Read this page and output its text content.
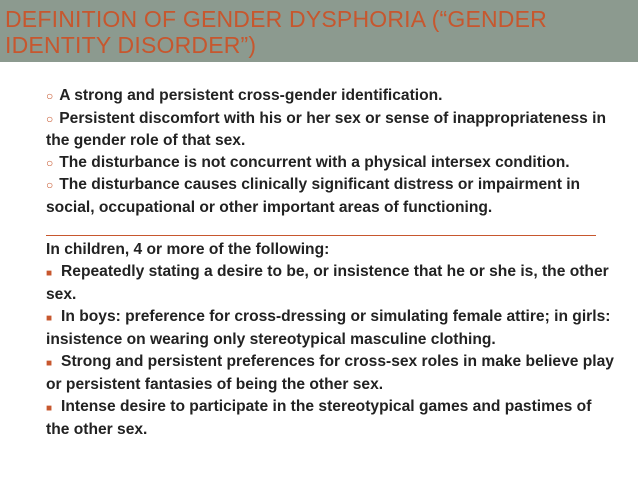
DEFINITION OF GENDER DYSPHORIA (“GENDER
IDENTITY DISORDER”)

○ A strong and persistent cross-gender identification.

○ Persistent discomfort with his or her sex or sense of inappropriateness in the gender role of that sex.

○ The disturbance is not concurrent with a physical intersex condition.

○ The disturbance causes clinically significant distress or impairment in social, occupational or other important areas of functioning.

In children, 4 or more of the following:

■ Repeatedly stating a desire to be, or insistence that he or she is, the other sex.

■ In boys: preference for cross-dressing or simulating female attire; in girls: insistence on wearing only stereotypical masculine clothing.

■ Strong and persistent preferences for cross-sex roles in make believe play or persistent fantasies of being the other sex.

■ Intense desire to participate in the stereotypical games and pastimes of the other sex.
